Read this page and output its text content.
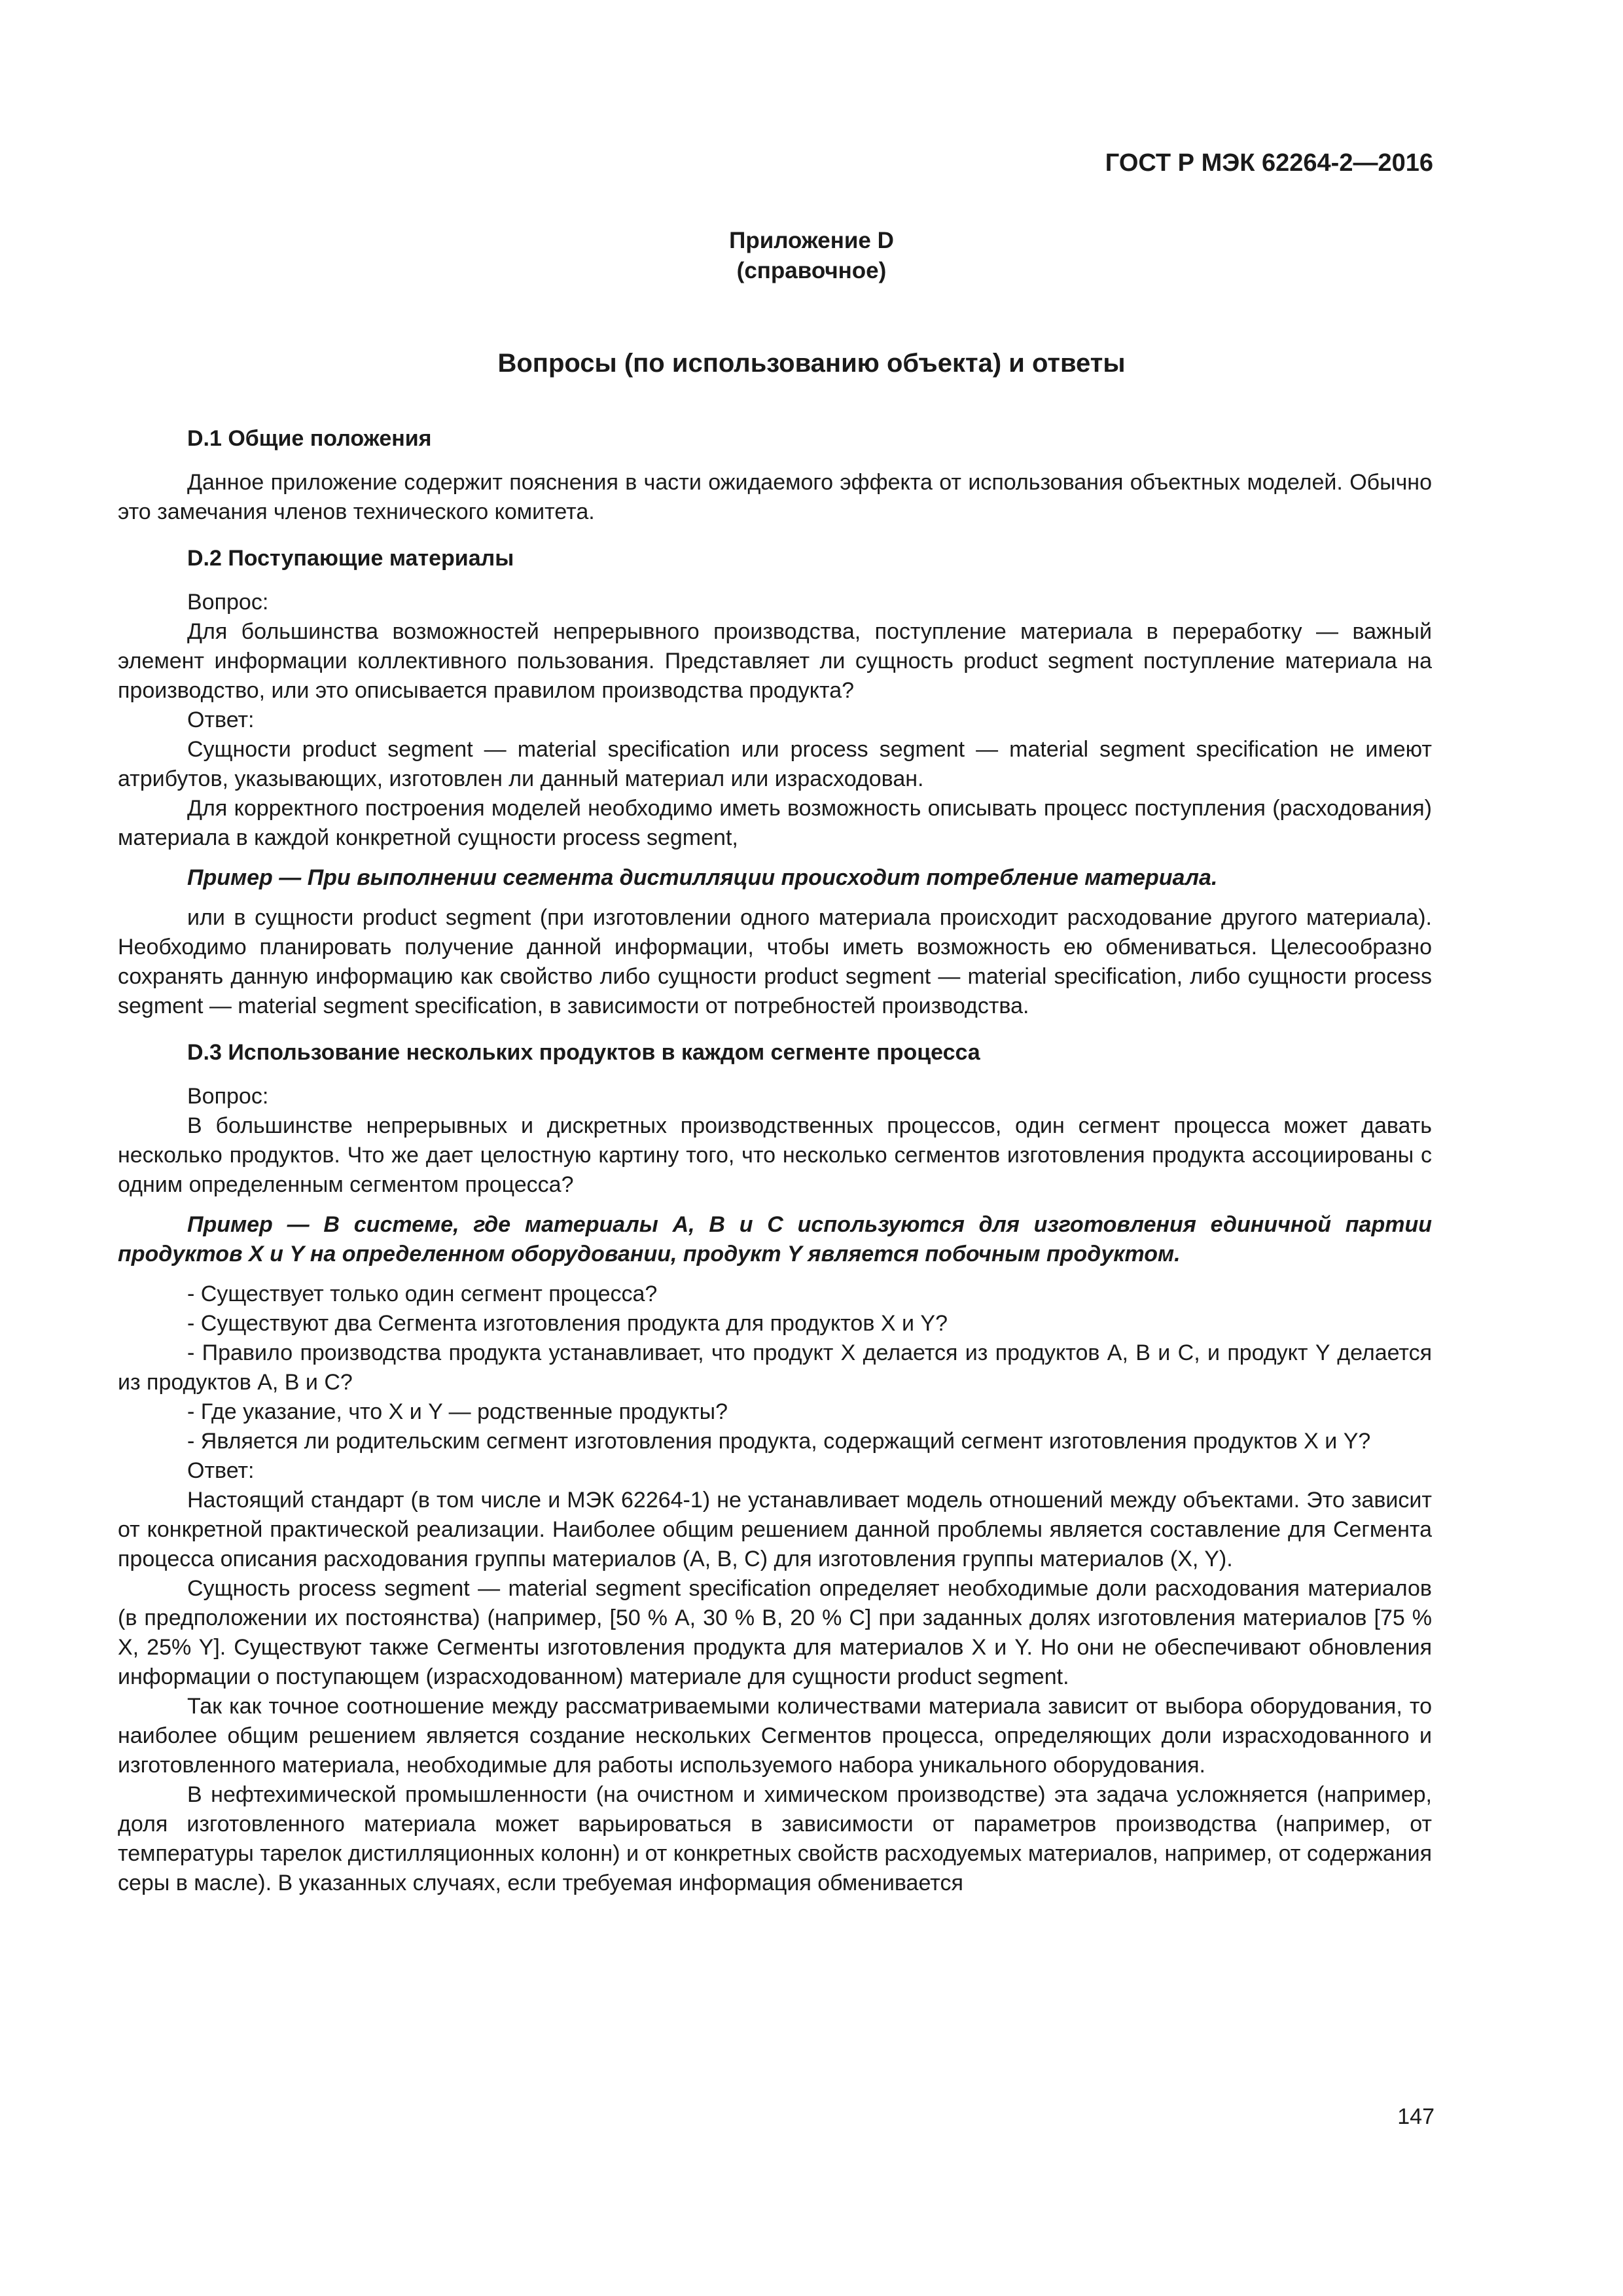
ГОСТ Р МЭК 62264-2—2016
Приложение D
(справочное)
Вопросы (по использованию объекта) и ответы
D.1 Общие положения

Данное приложение содержит пояснения в части ожидаемого эффекта от использования объектных моделей. Обычно это замечания членов технического комитета.

D.2 Поступающие материалы

Вопрос:

Для большинства возможностей непрерывного производства, поступление материала в переработку — важный элемент информации коллективного пользования. Представляет ли сущность product segment поступление материала на производство, или это описывается правилом производства продукта?

Ответ:

Сущности product segment — material specification или process segment — material segment specification не имеют атрибутов, указывающих, изготовлен ли данный материал или израсходован.

Для корректного построения моделей необходимо иметь возможность описывать процесс поступления (расходования) материала в каждой конкретной сущности process segment,

Пример — При выполнении сегмента дистилляции происходит потребление материала.

или в сущности product segment (при изготовлении одного материала происходит расходование другого материала). Необходимо планировать получение данной информации, чтобы иметь возможность ею обмениваться. Целесообразно сохранять данную информацию как свойство либо сущности product segment — material specification, либо сущности process segment — material segment specification, в зависимости от потребностей производства.

D.3 Использование нескольких продуктов в каждом сегменте процесса

Вопрос:

В большинстве непрерывных и дискретных производственных процессов, один сегмент процесса может давать несколько продуктов. Что же дает целостную картину того, что несколько сегментов изготовления продукта ассоциированы с одним определенным сегментом процесса?

Пример — В системе, где материалы А, В и С используются для изготовления единичной партии продуктов X и Y на определенном оборудовании, продукт Y является побочным продуктом.

- Существует только один сегмент процесса?

- Существуют два Сегмента изготовления продукта для продуктов X и Y?

- Правило производства продукта устанавливает, что продукт X делается из продуктов A, B и C, и продукт Y делается из продуктов A, B и C?

- Где указание, что X и Y — родственные продукты?

- Является ли родительским сегмент изготовления продукта, содержащий сегмент изготовления продуктов X и Y?

Ответ:

Настоящий стандарт (в том числе и МЭК 62264-1) не устанавливает модель отношений между объектами. Это зависит от конкретной практической реализации. Наиболее общим решением данной проблемы является составление для Сегмента процесса описания расходования группы материалов (A, B, C) для изготовления группы материалов (X, Y).

Сущность process segment — material segment specification определяет необходимые доли расходования материалов (в предположении их постоянства) (например, [50 % A, 30 % B, 20 % C] при заданных долях изготовления материалов [75 % X, 25% Y]. Существуют также Сегменты изготовления продукта для материалов X и Y. Но они не обеспечивают обновления информации о поступающем (израсходованном) материале для сущности product segment.

Так как точное соотношение между рассматриваемыми количествами материала зависит от выбора оборудования, то наиболее общим решением является создание нескольких Сегментов процесса, определяющих доли израсходованного и изготовленного материала, необходимые для работы используемого набора уникального оборудования.

В нефтехимической промышленности (на очистном и химическом производстве) эта задача усложняется (например, доля изготовленного материала может варьироваться в зависимости от параметров производства (например, от температуры тарелок дистилляционных колонн) и от конкретных свойств расходуемых материалов, например, от содержания серы в масле). В указанных случаях, если требуемая информация обменивается

147
